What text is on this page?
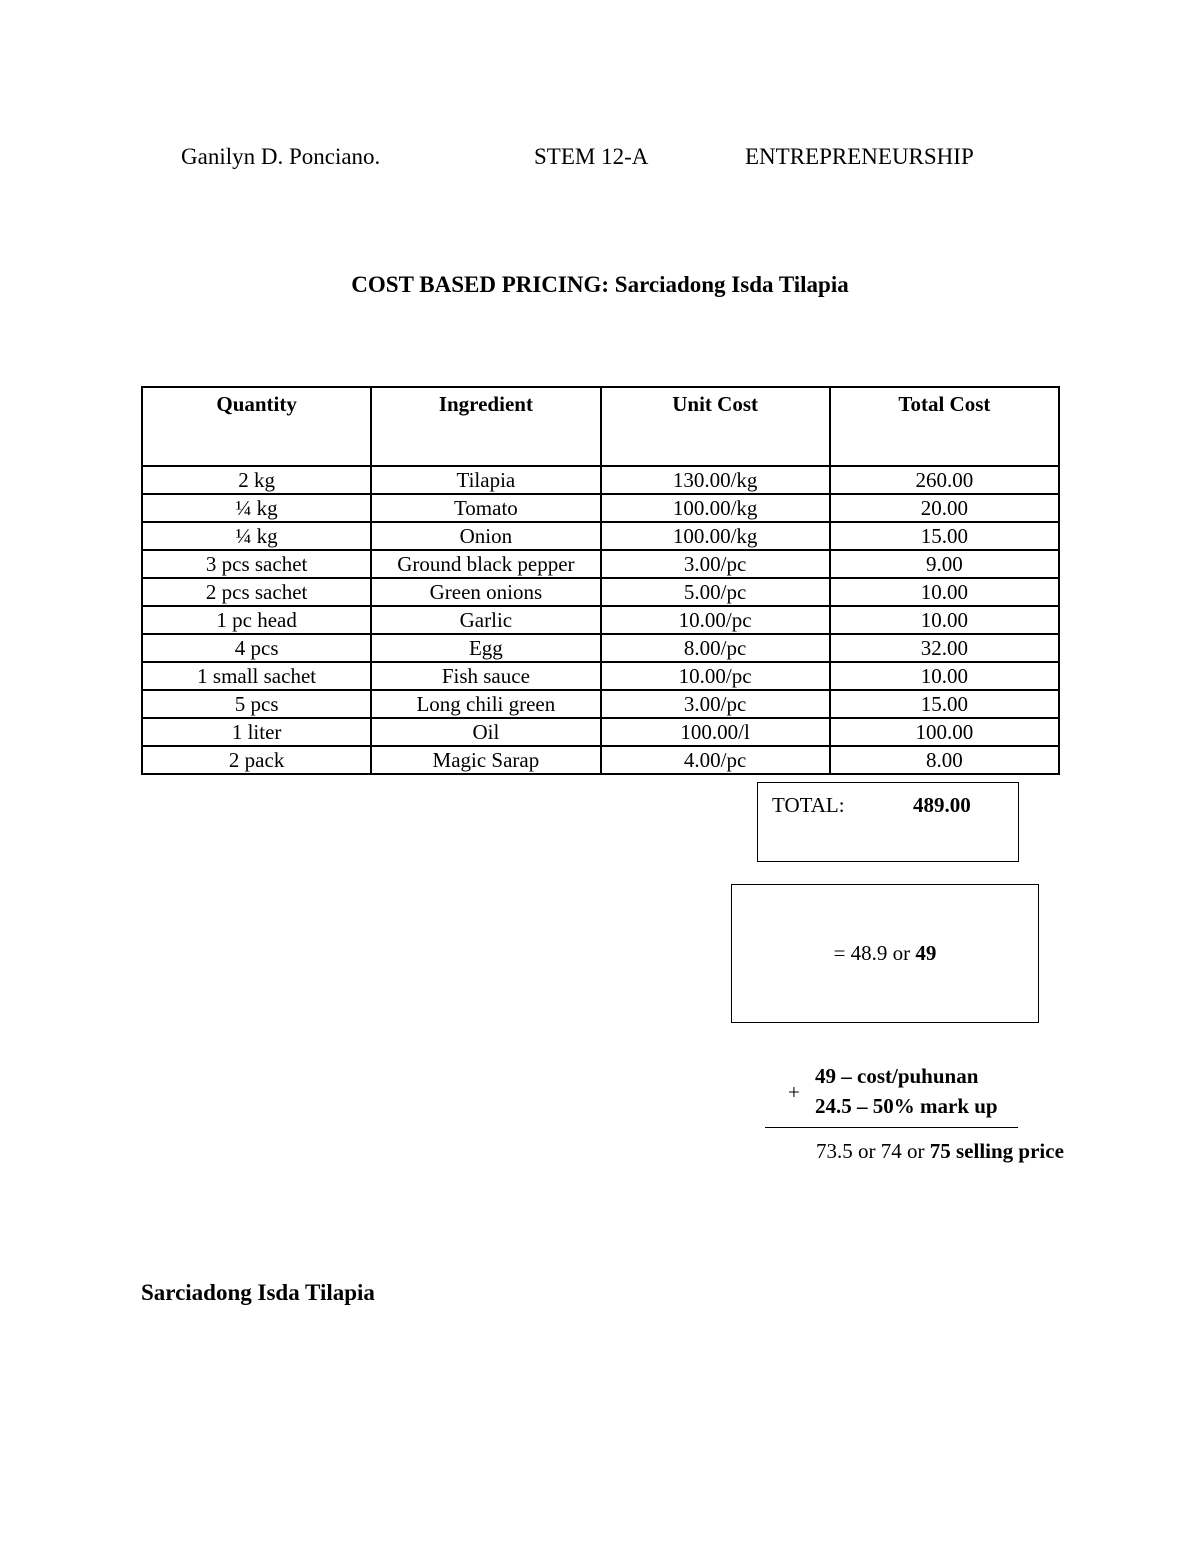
Ganilyn D. Ponciano.	STEM 12-A	ENTREPRENEURSHIP
COST BASED PRICING: Sarciadong Isda Tilapia
Quantity	Ingredient	Unit Cost	Total Cost
2 kg	Tilapia	130.00/kg	260.00
¼ kg	Tomato	100.00/kg	20.00
¼ kg	Onion	100.00/kg	15.00
3 pcs sachet	Ground black pepper	3.00/pc	9.00
2 pcs sachet	Green onions	5.00/pc	10.00
1 pc head	Garlic	10.00/pc	10.00
4 pcs	Egg	8.00/pc	32.00
1 small sachet	Fish sauce	10.00/pc	10.00
5 pcs	Long chili green	3.00/pc	15.00
1 liter	Oil	100.00/l	100.00
2 pack	Magic Sarap	4.00/pc	8.00
TOTAL:	489.00
= 48.9 or 49
+
49 – cost/puhunan
24.5 – 50% mark up
73.5 or 74 or 75 selling price
Sarciadong Isda Tilapia
